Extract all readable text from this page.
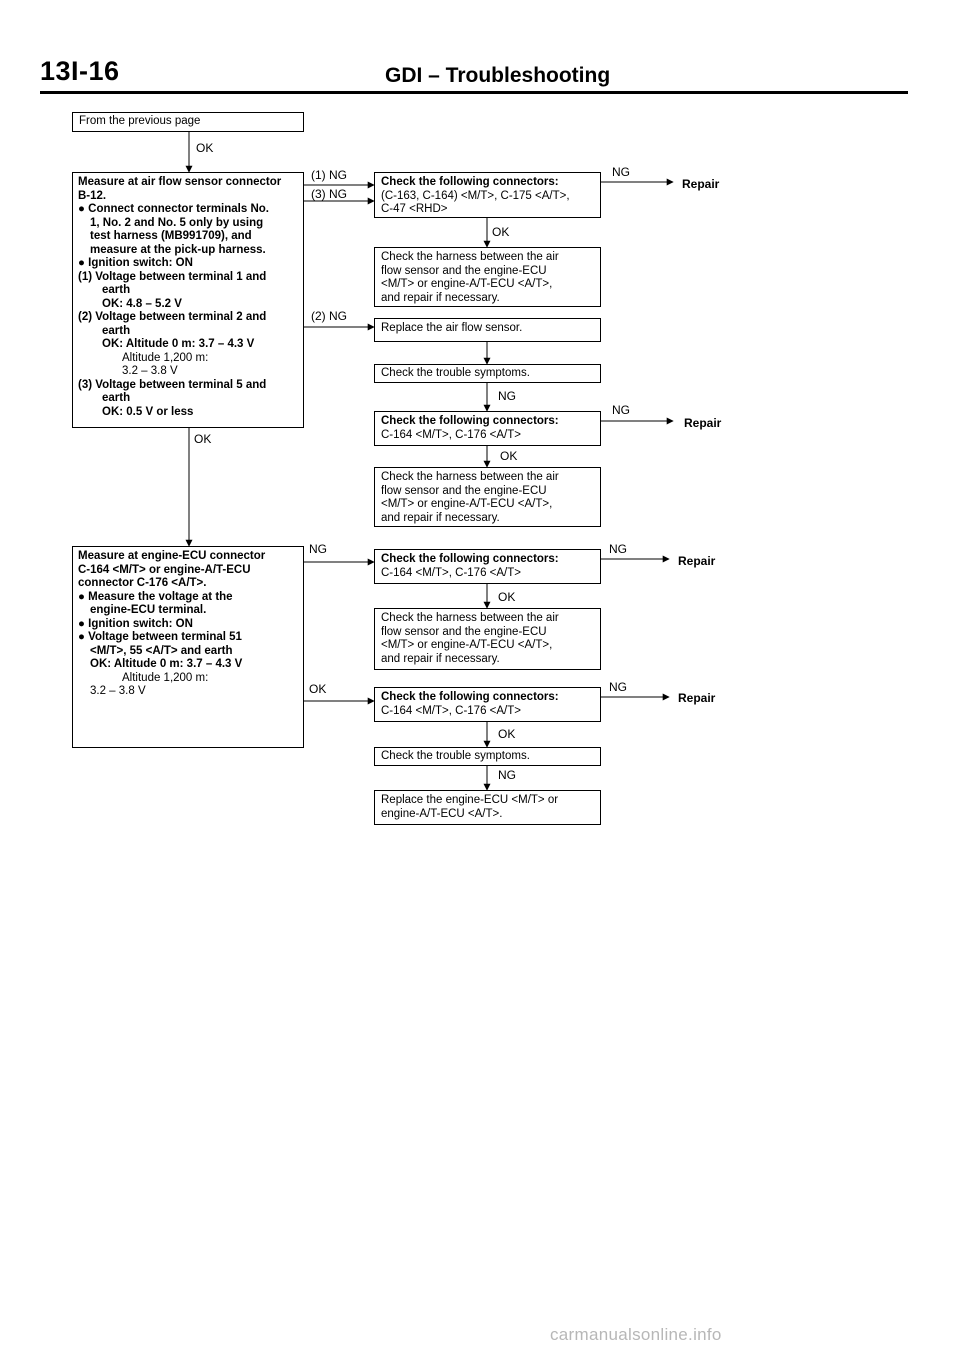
13I-16	GDI – Troubleshooting
From the previous page
Measure at air flow sensor connector
B-12.
● Connect connector terminals No.
1, No. 2 and No. 5 only by using
test harness (MB991709), and
measure at the pick-up harness.
● Ignition switch: ON
(1) Voltage between terminal 1 and
earth
OK: 4.8 – 5.2 V
(2) Voltage between terminal 2 and
earth
OK: Altitude 0 m: 3.7 – 4.3 V
Altitude 1,200 m:
3.2 – 3.8 V
(3) Voltage between terminal 5 and
earth
OK: 0.5 V or less
Measure at engine-ECU connector
C-164 <M/T> or engine-A/T-ECU
connector C-176 <A/T>.
● Measure the voltage at the
engine-ECU terminal.
● Ignition switch: ON
● Voltage between terminal 51
<M/T>, 55 <A/T> and earth
OK: Altitude 0 m: 3.7 – 4.3 V
Altitude 1,200 m:
3.2 – 3.8 V
Check the following connectors:
(C-163, C-164) <M/T>, C-175 <A/T>,
C-47 <RHD>
Check the harness between the air
flow sensor and the engine-ECU
<M/T> or engine-A/T-ECU <A/T>,
and repair if necessary.
Replace the air flow sensor.
Check the trouble symptoms.
Check the following connectors:
C-164 <M/T>, C-176 <A/T>
Check the harness between the air
flow sensor and the engine-ECU
<M/T> or engine-A/T-ECU <A/T>,
and repair if necessary.
Check the following connectors:
C-164 <M/T>, C-176 <A/T>
Check the harness between the air
flow sensor and the engine-ECU
<M/T> or engine-A/T-ECU <A/T>,
and repair if necessary.
Check the following connectors:
C-164 <M/T>, C-176 <A/T>
Check the trouble symptoms.
Replace the engine-ECU <M/T> or
engine-A/T-ECU <A/T>.
OK
OK
(1) NG
(3) NG
(2) NG
NG
OK
OK
NG
OK
OK
OK
NG
NG
NG
NG
NG
Repair
Repair
Repair
Repair
carmanualsonline.info
